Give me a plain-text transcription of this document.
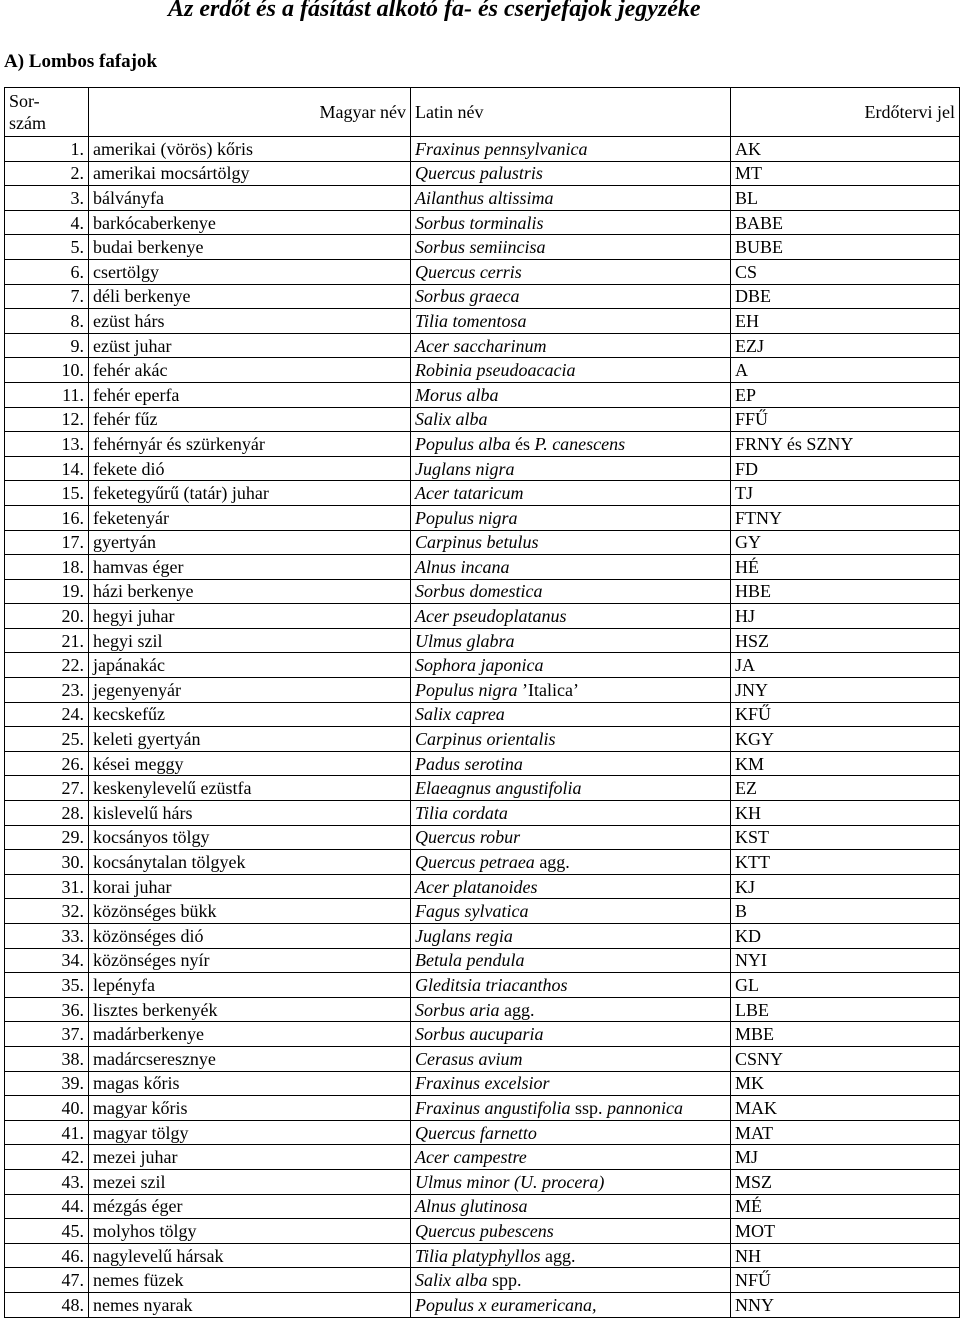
Az erdőt és a fásítást alkotó fa- és cserjefajok jegyzéke
A) Lombos fafajok
Sor-
szám	Magyar név	Latin név	Erdőtervi jel
1.	amerikai (vörös) kőris	Fraxinus pennsylvanica	AK
2.	amerikai mocsártölgy	Quercus palustris	MT
3.	bálványfa	Ailanthus altissima	BL
4.	barkócaberkenye	Sorbus torminalis	BABE
5.	budai berkenye	Sorbus semiincisa	BUBE
6.	csertölgy	Quercus cerris	CS
7.	déli berkenye	Sorbus graeca	DBE
8.	ezüst hárs	Tilia tomentosa	EH
9.	ezüst juhar	Acer saccharinum	EZJ
10.	fehér akác	Robinia pseudoacacia	A
11.	fehér eperfa	Morus alba	EP
12.	fehér fűz	Salix alba	FFŰ
13.	fehérnyár és szürkenyár	Populus alba és P. canescens	FRNY és SZNY
14.	fekete dió	Juglans nigra	FD
15.	feketegyűrű (tatár) juhar	Acer tataricum	TJ
16.	feketenyár	Populus nigra	FTNY
17.	gyertyán	Carpinus betulus	GY
18.	hamvas éger	Alnus incana	HÉ
19.	házi berkenye	Sorbus domestica	HBE
20.	hegyi juhar	Acer pseudoplatanus	HJ
21.	hegyi szil	Ulmus glabra	HSZ
22.	japánakác	Sophora japonica	JA
23.	jegenyenyár	Populus nigra ’Italica’	JNY
24.	kecskefűz	Salix caprea	KFŰ
25.	keleti gyertyán	Carpinus orientalis	KGY
26.	kései meggy	Padus serotina	KM
27.	keskenylevelű ezüstfa	Elaeagnus angustifolia	EZ
28.	kislevelű hárs	Tilia cordata	KH
29.	kocsányos tölgy	Quercus robur	KST
30.	kocsánytalan tölgyek	Quercus petraea agg.	KTT
31.	korai juhar	Acer platanoides	KJ
32.	közönséges bükk	Fagus sylvatica	B
33.	közönséges dió	Juglans regia	KD
34.	közönséges nyír	Betula pendula	NYI
35.	lepényfa	Gleditsia triacanthos	GL
36.	lisztes berkenyék	Sorbus aria agg.	LBE
37.	madárberkenye	Sorbus aucuparia	MBE
38.	madárcseresznye	Cerasus avium	CSNY
39.	magas kőris	Fraxinus excelsior	MK
40.	magyar kőris	Fraxinus angustifolia ssp. pannonica	MAK
41.	magyar tölgy	Quercus farnetto	MAT
42.	mezei juhar	Acer campestre	MJ
43.	mezei szil	Ulmus minor (U. procera)	MSZ
44.	mézgás éger	Alnus glutinosa	MÉ
45.	molyhos tölgy	Quercus pubescens	MOT
46.	nagylevelű hársak	Tilia platyphyllos agg.	NH
47.	nemes füzek	Salix alba spp.	NFŰ
48.	nemes nyarak	Populus x euramericana,	NNY
